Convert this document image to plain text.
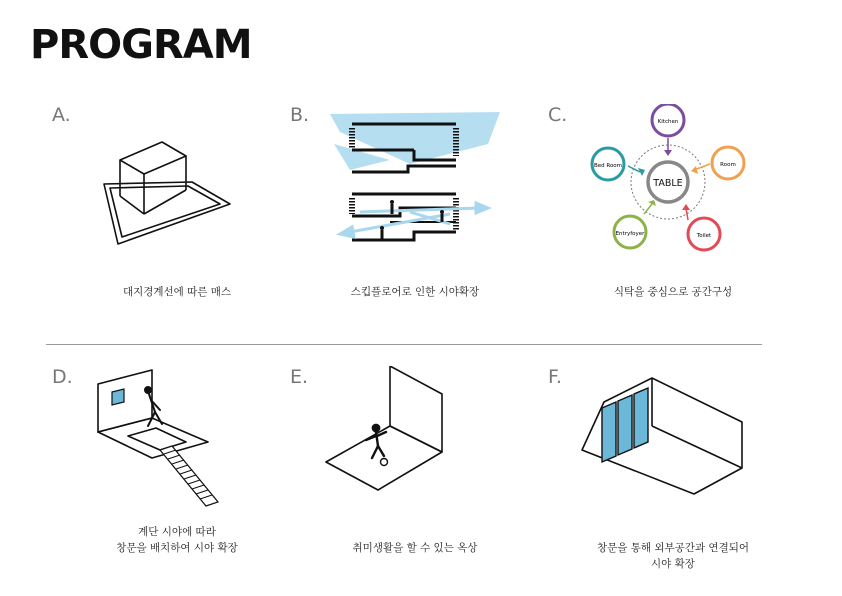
PROGRAM
A.
대지경계선에 따른 매스
B.
스킵플로어로 인한 시야확장
C.
TABLE
Kitchen
Room
Toilet
Entryfoyer
Bed Room
식탁을 중심으로 공간구성
D.
계단 시야에 따라
창문을 배치하여 시야 확장
E.
취미생활을 할 수 있는 옥상
F.
창문을 통해 외부공간과 연결되어
시야 확장
